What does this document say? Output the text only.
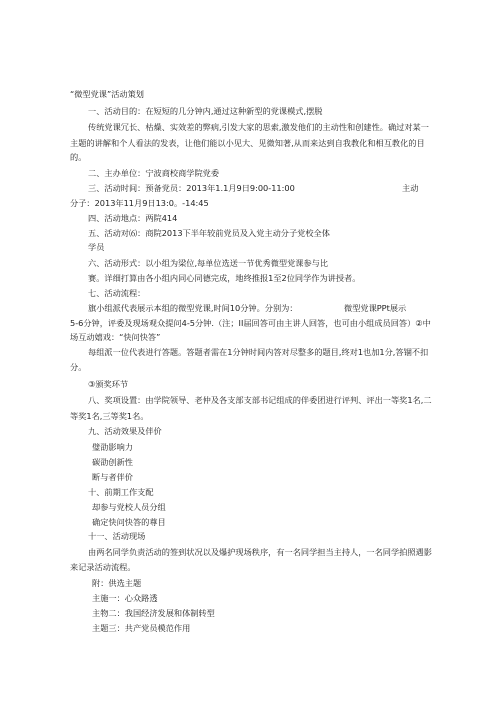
“微型党课”活动策划
一、活动目的：在短短的几分钟内,通过这种新型的党课模式,摆脱
传统党课冗长、枯燥、实效差的弊病,引发大家的思索,激发他们的主动性和创建性。确过对某一
主题的讲解和个人看法的发表，让他们能以小见大、见微知著,从而来达到自我教化和相互教化的目
的。
二、主办单位：宁波商校商学院党委
三、活动时间：预备党员：2013年1.1月9日9:00-11:00	主动
分子：2013年11月9日13:0。-14:45
四、活动地点：两院414
五、活动对⑹：商院2013下半年较前党员及入党主动分子党校全体
学员
六、活动形式：以小组为梁位,每单位选送一节优秀微型党课参与比
赛。详细打算由各小组内同心同德完成，地终推报1至2位同学作为讲授者。
七、活动流程：
旗小组派代表展示本组的微型党课,时间10分钟。分别为：	微型党课PPt展示
5-6分钟，评委及现场观众提问4-5分钟.（注；II届回答可由主讲人回答，也可由小组成员回答）②中
场互动嬉戏：“快问快答”
每组派一位代表进行答题。答题者需在1分钟时间内答对尽整多的题目,终对1也加1分,答锢不扣
分。
③颁奖环节
八、奖项设置：由学院领导、老仲及各支部支部书记组成的伴委团进行评判、评出一等奖1名,二
等奖1名,三等奖1名。
九、活动效果及伴价
璧劭影响力
碳劭创新性
断与者伴价
十、前期工作支配
却参与党校人员分组
确定快问快答的尊目
十一、活动现场
由两名同学负责活动的签到状况以及爆护现场秩序，有一名同学担当主持人，一名同学拍照遇影
来记录活动流程。
附：供选主题
主施一：心众路透
主物二：我国经济发展和体制转型
主题三：共产党员模范作用
